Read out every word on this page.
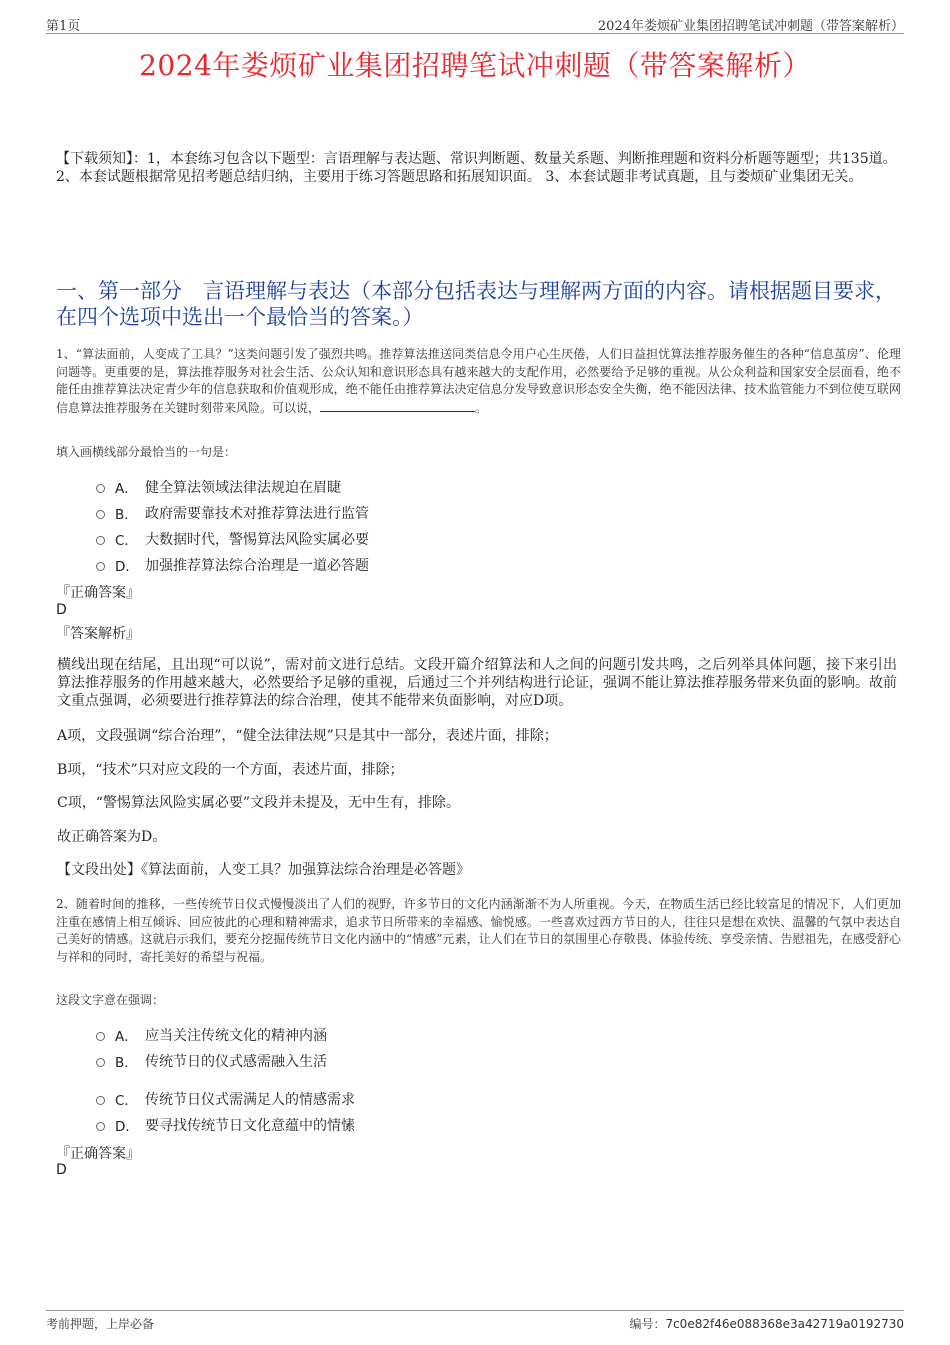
第1页	2024年娄烦矿业集团招聘笔试冲刺题（带答案解析）
2024年娄烦矿业集团招聘笔试冲刺题（带答案解析）
【下载须知】：1，本套练习包含以下题型：言语理解与表达题、常识判断题、数量关系题、判断推理题和资料分析题等题型；共135道。 2、本套试题根据常见招考题总结归纳，主要用于练习答题思路和拓展知识面。 3、本套试题非考试真题，且与娄烦矿业集团无关。
一、第一部分　言语理解与表达（本部分包括表达与理解两方面的内容。请根据题目要求，在四个选项中选出一个最恰当的答案。）
1、“算法面前，人变成了工具？”这类问题引发了强烈共鸣。推荐算法推送同类信息令用户心生厌倦，人们日益担忧算法推荐服务催生的各种“信息茧房”、伦理问题等。更重要的是，算法推荐服务对社会生活、公众认知和意识形态具有越来越大的支配作用，必然要给予足够的重视。从公众利益和国家安全层面看，绝不能任由推荐算法决定青少年的信息获取和价值观形成，绝不能任由推荐算法决定信息分发导致意识形态安全失衡，绝不能因法律、技术监管能力不到位使互联网信息算法推荐服务在关键时刻带来风险。可以说，	。
填入画横线部分最恰当的一句是：
A． 健全算法领域法律法规迫在眉睫
B． 政府需要靠技术对推荐算法进行监管
C． 大数据时代，警惕算法风险实属必要
D． 加强推荐算法综合治理是一道必答题
『正确答案』
D
『答案解析』
横线出现在结尾，且出现“可以说”，需对前文进行总结。文段开篇介绍算法和人之间的问题引发共鸣，之后列举具体问题，接下来引出算法推荐服务的作用越来越大，必然要给予足够的重视，后通过三个并列结构进行论证，强调不能让算法推荐服务带来负面的影响。故前文重点强调，必须要进行推荐算法的综合治理，使其不能带来负面影响，对应D项。
A项，文段强调“综合治理”，“健全法律法规”只是其中一部分，表述片面，排除；
B项，“技术”只对应文段的一个方面，表述片面，排除；
C项，“警惕算法风险实属必要”文段并未提及，无中生有，排除。
故正确答案为D。
【文段出处】《算法面前，人变工具？加强算法综合治理是必答题》
2、随着时间的推移，一些传统节日仪式慢慢淡出了人们的视野，许多节日的文化内涵渐渐不为人所重视。今天，在物质生活已经比较富足的情况下，人们更加注重在感情上相互倾诉、回应彼此的心理和精神需求，追求节日所带来的幸福感、愉悦感。一些喜欢过西方节日的人，往往只是想在欢快、温馨的气氛中表达自己美好的情感。这就启示我们，要充分挖掘传统节日文化内涵中的“情感”元素，让人们在节日的氛围里心存敬畏、体验传统、享受亲情、告慰祖先，在感受舒心与祥和的同时，寄托美好的希望与祝福。
这段文字意在强调：
A． 应当关注传统文化的精神内涵
B． 传统节日的仪式感需融入生活
C． 传统节日仪式需满足人的情感需求
D． 要寻找传统节日文化意蕴中的情愫
『正确答案』
D
考前押题，上岸必备	编号：7c0e82f46e088368e3a42719a0192730
